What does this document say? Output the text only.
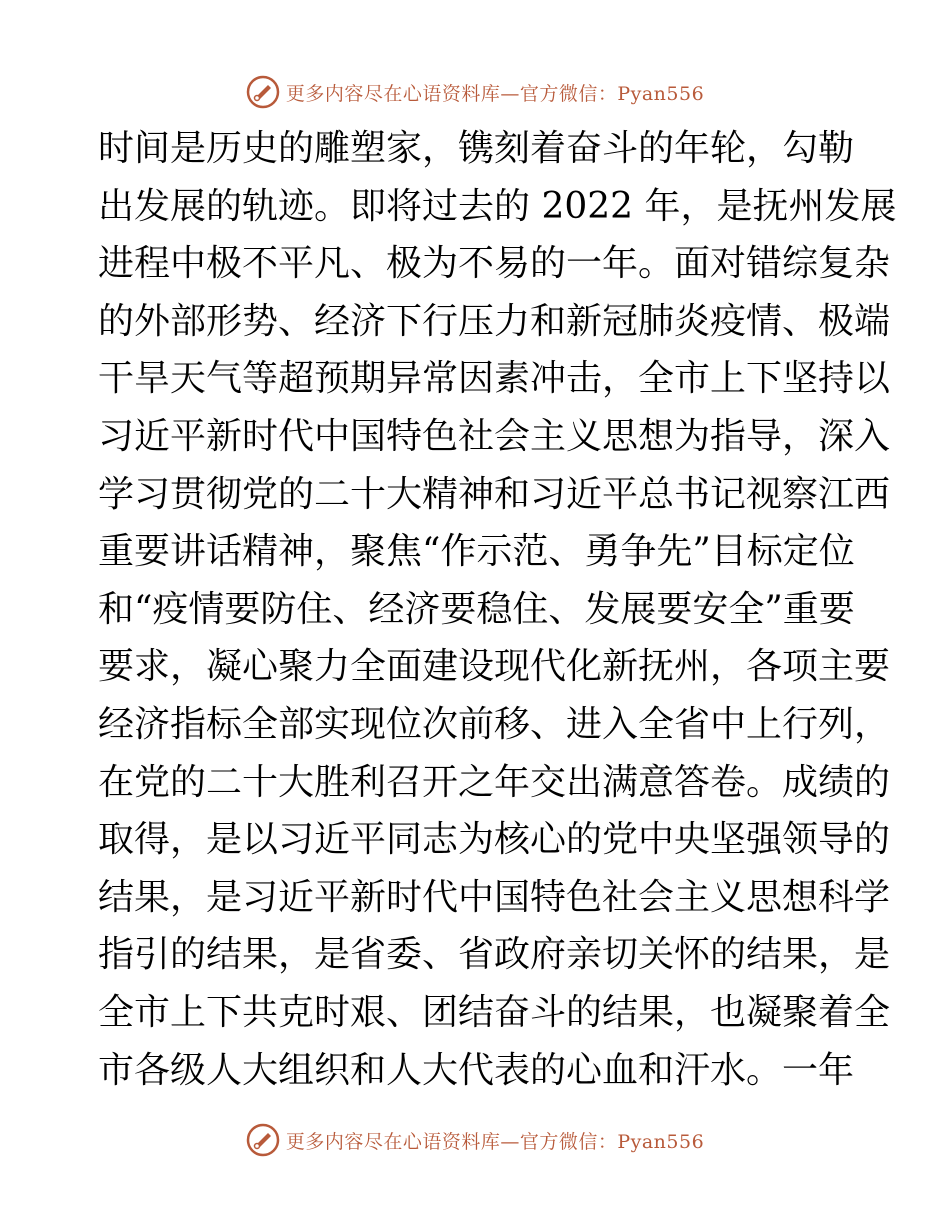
更多内容尽在心语资料库—官方微信：Pyan556
时间是历史的雕塑家，镌刻着奋斗的年轮，勾勒
出发展的轨迹。即将过去的 2022 年，是抚州发展
进程中极不平凡、极为不易的一年。面对错综复杂
的外部形势、经济下行压力和新冠肺炎疫情、极端
干旱天气等超预期异常因素冲击，全市上下坚持以
习近平新时代中国特色社会主义思想为指导，深入
学习贯彻党的二十大精神和习近平总书记视察江西
重要讲话精神，聚焦“作示范、勇争先”目标定位
和“疫情要防住、经济要稳住、发展要安全”重要
要求，凝心聚力全面建设现代化新抚州，各项主要
经济指标全部实现位次前移、进入全省中上行列，
在党的二十大胜利召开之年交出满意答卷。成绩的
取得，是以习近平同志为核心的党中央坚强领导的
结果，是习近平新时代中国特色社会主义思想科学
指引的结果，是省委、省政府亲切关怀的结果，是
全市上下共克时艰、团结奋斗的结果，也凝聚着全
市各级人大组织和人大代表的心血和汗水。一年
更多内容尽在心语资料库—官方微信：Pyan556
